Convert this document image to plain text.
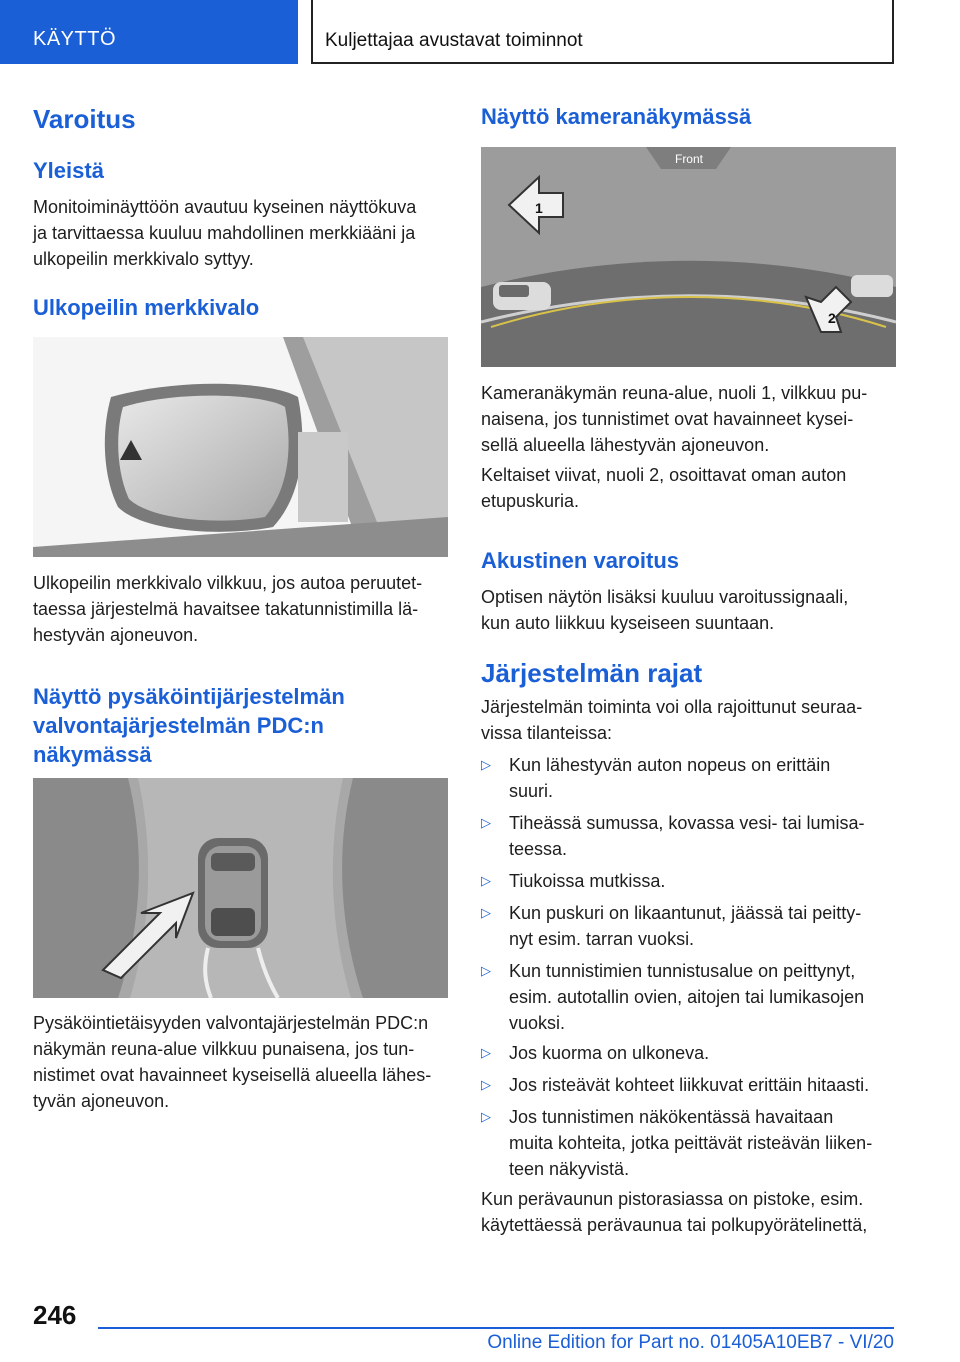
KÄYTTÖ	Kuljettajaa avustavat toiminnot
Varoitus
Yleistä
Monitoiminäyttöön avautuu kyseinen näyttökuva
ja tarvittaessa kuuluu mahdollinen merkkiääni ja
ulkopeilin merkkivalo syttyy.
Ulkopeilin merkkivalo
Ulkopeilin merkkivalo vilkkuu, jos autoa peruutet‐
taessa järjestelmä havaitsee takatunnistimilla lä‐
hestyvän ajoneuvon.
Näyttö pysäköintijärjestelmän
valvontajärjestelmän PDC:n
näkymässä
Pysäköintietäisyyden valvontajärjestelmän PDC:n
näkymän reuna-alue vilkkuu punaisena, jos tun‐
nistimet ovat havainneet kyseisellä alueella lähes‐
tyvän ajoneuvon.
Näyttö kameranäkymässä
Front
1
2
Kameranäkymän reuna-alue, nuoli 1, vilkkuu pu‐
naisena, jos tunnistimet ovat havainneet kysei‐
sellä alueella lähestyvän ajoneuvon.
Keltaiset viivat, nuoli 2, osoittavat oman auton
etupuskuria.
Akustinen varoitus
Optisen näytön lisäksi kuuluu varoitussignaali,
kun auto liikkuu kyseiseen suuntaan.
Järjestelmän rajat
Järjestelmän toiminta voi olla rajoittunut seuraa‐
vissa tilanteissa:
▷ Kun lähestyvän auton nopeus on erittäin
suuri.
▷ Tiheässä sumussa, kovassa vesi- tai lumisa‐
teessa.
▷ Tiukoissa mutkissa.
▷ Kun puskuri on likaantunut, jäässä tai peitty‐
nyt esim. tarran vuoksi.
▷ Kun tunnistimien tunnistusalue on peittynyt,
esim. autotallin ovien, aitojen tai lumikasojen
vuoksi.
▷ Jos kuorma on ulkoneva.
▷ Jos risteävät kohteet liikkuvat erittäin hitaasti.
▷ Jos tunnistimen näkökentässä havaitaan
muita kohteita, jotka peittävät risteävän liiken‐
teen näkyvistä.
Kun perävaunun pistorasiassa on pistoke, esim.
käytettäessä perävaunua tai polkupyörätelinettä,
246
Online Edition for Part no. 01405A10EB7 - VI/20
